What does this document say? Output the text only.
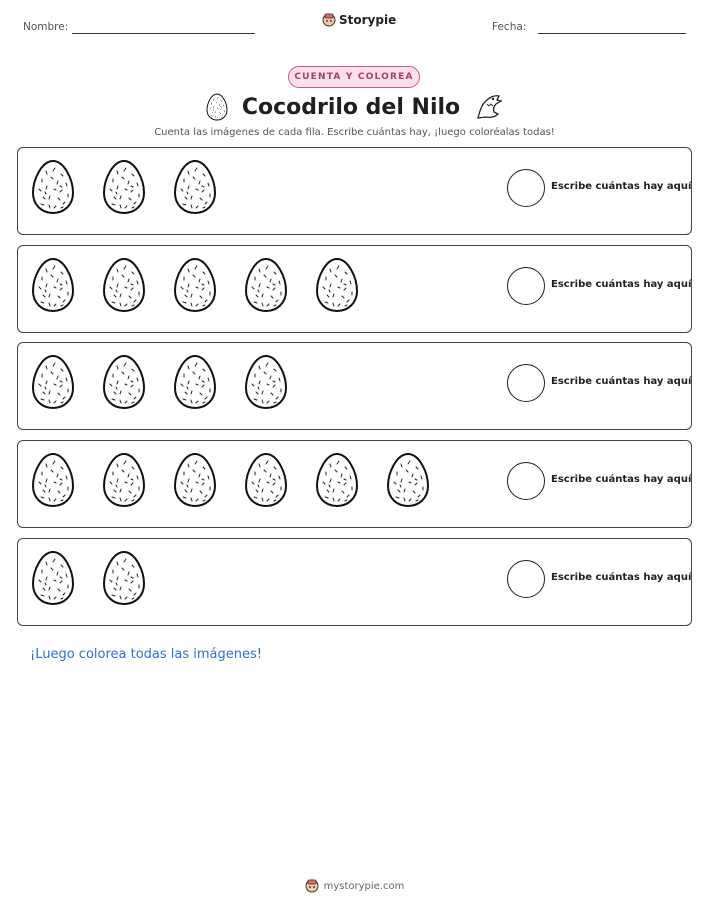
Nombre:	Storypie	Fecha:
CUENTA Y COLOREA
Cocodrilo del Nilo
Cuenta las imágenes de cada fila. Escribe cuántas hay, ¡luego coloréalas todas!
Escribe cuántas hay aquí
Escribe cuántas hay aquí
Escribe cuántas hay aquí
Escribe cuántas hay aquí
Escribe cuántas hay aquí
¡Luego colorea todas las imágenes!
mystorypie.com
